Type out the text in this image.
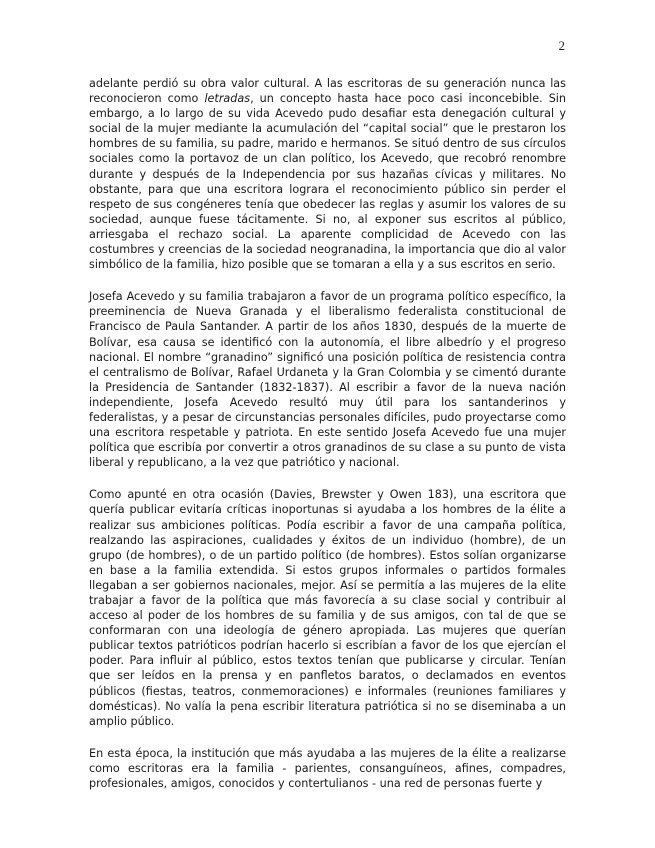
2

adelante perdió su obra valor cultural. A las escritoras de su generación nunca las reconocieron como letradas, un concepto hasta hace poco casi inconcebible. Sin embargo, a lo largo de su vida Acevedo pudo desafiar esta denegación cultural y social de la mujer mediante la acumulación del “capital social” que le prestaron los hombres de su familia, su padre, marido e hermanos. Se situó dentro de sus círculos sociales como la portavoz de un clan político, los Acevedo, que recobró renombre durante y después de la Independencia por sus hazañas cívicas y militares. No obstante, para que una escritora lograra el reconocimiento público sin perder el respeto de sus congéneres tenía que obedecer las reglas y asumir los valores de su sociedad, aunque fuese tácitamente. Si no, al exponer sus escritos al público, arriesgaba el rechazo social. La aparente complicidad de Acevedo con las costumbres y creencias de la sociedad neogranadina, la importancia que dio al valor simbólico de la familia, hizo posible que se tomaran a ella y a sus escritos en serio.

Josefa Acevedo y su familia trabajaron a favor de un programa político específico, la preeminencia de Nueva Granada y el liberalismo federalista constitucional de Francisco de Paula Santander. A partir de los años 1830, después de la muerte de Bolívar, esa causa se identificó con la autonomía, el libre albedrío y el progreso nacional. El nombre “granadino” significó una posición política de resistencia contra el centralismo de Bolívar, Rafael Urdaneta y la Gran Colombia y se cimentó durante la Presidencia de Santander (1832-1837). Al escribir a favor de la nueva nación independiente, Josefa Acevedo resultó muy útil para los santanderinos y federalistas, y a pesar de circunstancias personales difíciles, pudo proyectarse como una escritora respetable y patriota. En este sentido Josefa Acevedo fue una mujer política que escribía por convertir a otros granadinos de su clase a su punto de vista liberal y republicano, a la vez que patriótico y nacional.

Como apunté en otra ocasión (Davies, Brewster y Owen 183), una escritora que quería publicar evitaría críticas inoportunas si ayudaba a los hombres de la élite a realizar sus ambiciones políticas. Podía escribir a favor de una campaña política, realzando las aspiraciones, cualidades y éxitos de un individuo (hombre), de un grupo (de hombres), o de un partido político (de hombres). Estos solían organizarse en base a la familia extendida. Si estos grupos informales o partidos formales llegaban a ser gobiernos nacionales, mejor. Así se permitía a las mujeres de la elite trabajar a favor de la política que más favorecía a su clase social y contribuir al acceso al poder de los hombres de su familia y de sus amigos, con tal de que se conformaran con una ideología de género apropiada. Las mujeres que querían publicar textos patrióticos podrían hacerlo si escribían a favor de los que ejercían el poder. Para influir al público, estos textos tenían que publicarse y circular. Tenían que ser leídos en la prensa y en panfletos baratos, o declamados en eventos públicos (fiestas, teatros, conmemoraciones) e informales (reuniones familiares y domésticas). No valía la pena escribir literatura patriótica si no se diseminaba a un amplio público.

En esta época, la institución que más ayudaba a las mujeres de la élite a realizarse como escritoras era la familia - parientes, consanguíneos, afines, compadres, profesionales, amigos, conocidos y contertulianos - una red de personas fuerte y
